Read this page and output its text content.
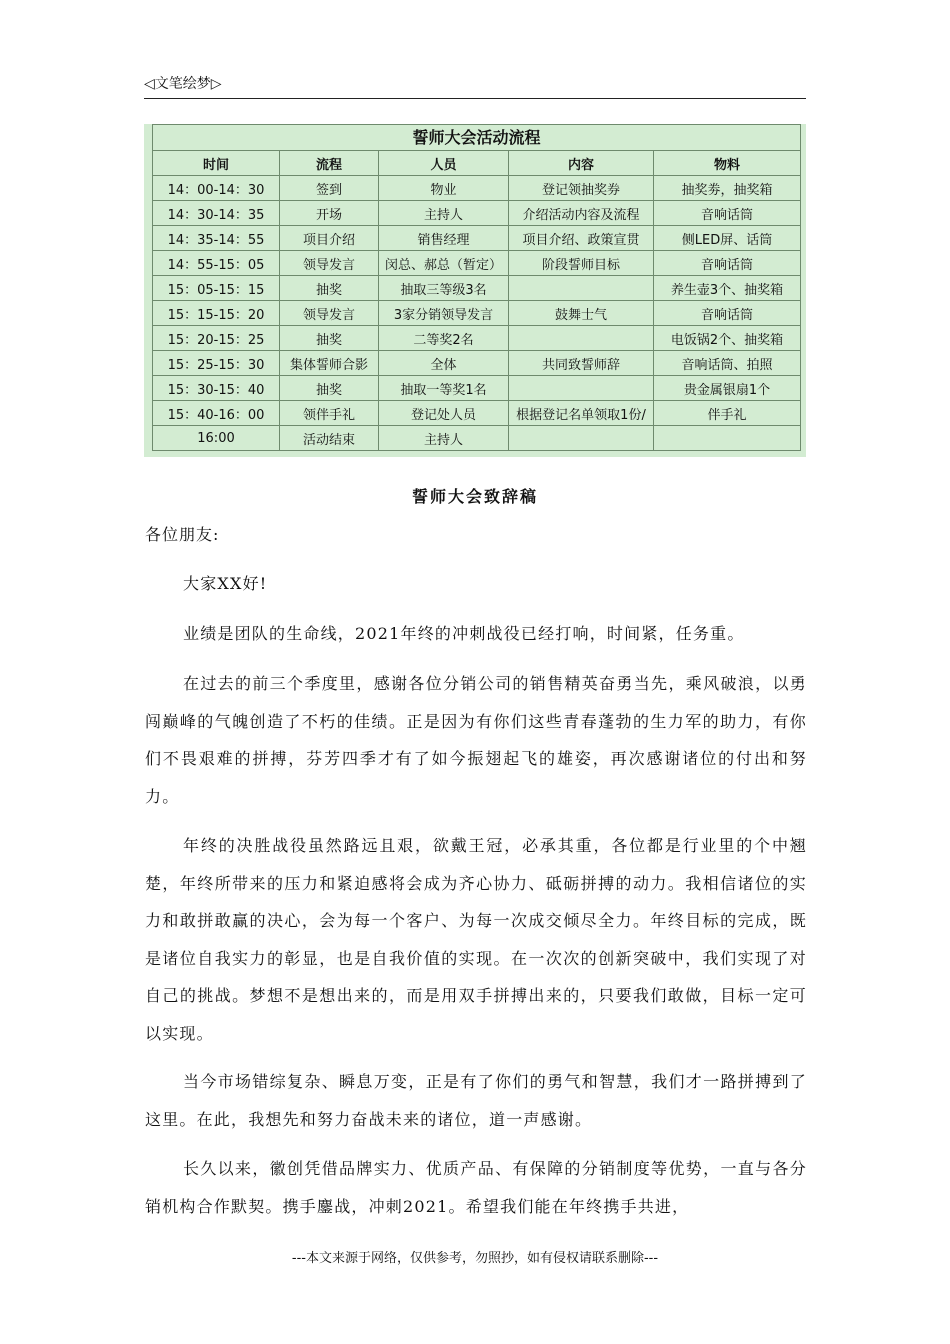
◁文笔绘梦▷
誓师大会活动流程
时间	流程	人员	内容	物料
14：00-14：30	签到	物业	登记领抽奖券	抽奖劵，抽奖箱
14：30-14：35	开场	主持人	介绍活动内容及流程	音响话筒
14：35-14：55	项目介绍	销售经理	项目介绍、政策宣贯	侧LED屏、话筒
14：55-15：05	领导发言	闵总、郝总（暂定）	阶段誓师目标	音响话筒
15：05-15：15	抽奖	抽取三等级3名		养生壶3个、抽奖箱
15：15-15：20	领导发言	3家分销领导发言	鼓舞士气	音响话筒
15：20-15：25	抽奖	二等奖2名		电饭锅2个、抽奖箱
15：25-15：30	集体誓师合影	全体	共同致誓师辞	音响话筒、拍照
15：30-15：40	抽奖	抽取一等奖1名		贵金属银扇1个
15：40-16：00	领伴手礼	登记处人员	根据登记名单领取1份/	伴手礼
16:00	活动结束	主持人		
誓师大会致辞稿
各位朋友:

大家XX好!

业绩是团队的生命线，2021年终的冲刺战役已经打响，时间紧，任务重。

在过去的前三个季度里，感谢各位分销公司的销售精英奋勇当先，乘风破浪，以勇闯巅峰的气魄创造了不朽的佳绩。正是因为有你们这些青春蓬勃的生力军的助力，有你们不畏艰难的拼搏，芬芳四季才有了如今振翅起飞的雄姿，再次感谢诸位的付出和努力。

年终的决胜战役虽然路远且艰，欲戴王冠，必承其重，各位都是行业里的个中翘楚，年终所带来的压力和紧迫感将会成为齐心协力、砥砺拼搏的动力。我相信诸位的实力和敢拼敢赢的决心，会为每一个客户、为每一次成交倾尽全力。年终目标的完成，既是诸位自我实力的彰显，也是自我价值的实现。在一次次的创新突破中，我们实现了对自己的挑战。梦想不是想出来的，而是用双手拼搏出来的，只要我们敢做，目标一定可以实现。

当今市场错综复杂、瞬息万变，正是有了你们的勇气和智慧，我们才一路拼搏到了这里。在此，我想先和努力奋战未来的诸位，道一声感谢。

长久以来，徽创凭借品牌实力、优质产品、有保障的分销制度等优势，一直与各分销机构合作默契。携手鏖战，冲刺2021。希望我们能在年终携手共进，

---本文来源于网络，仅供参考，勿照抄，如有侵权请联系删除---
